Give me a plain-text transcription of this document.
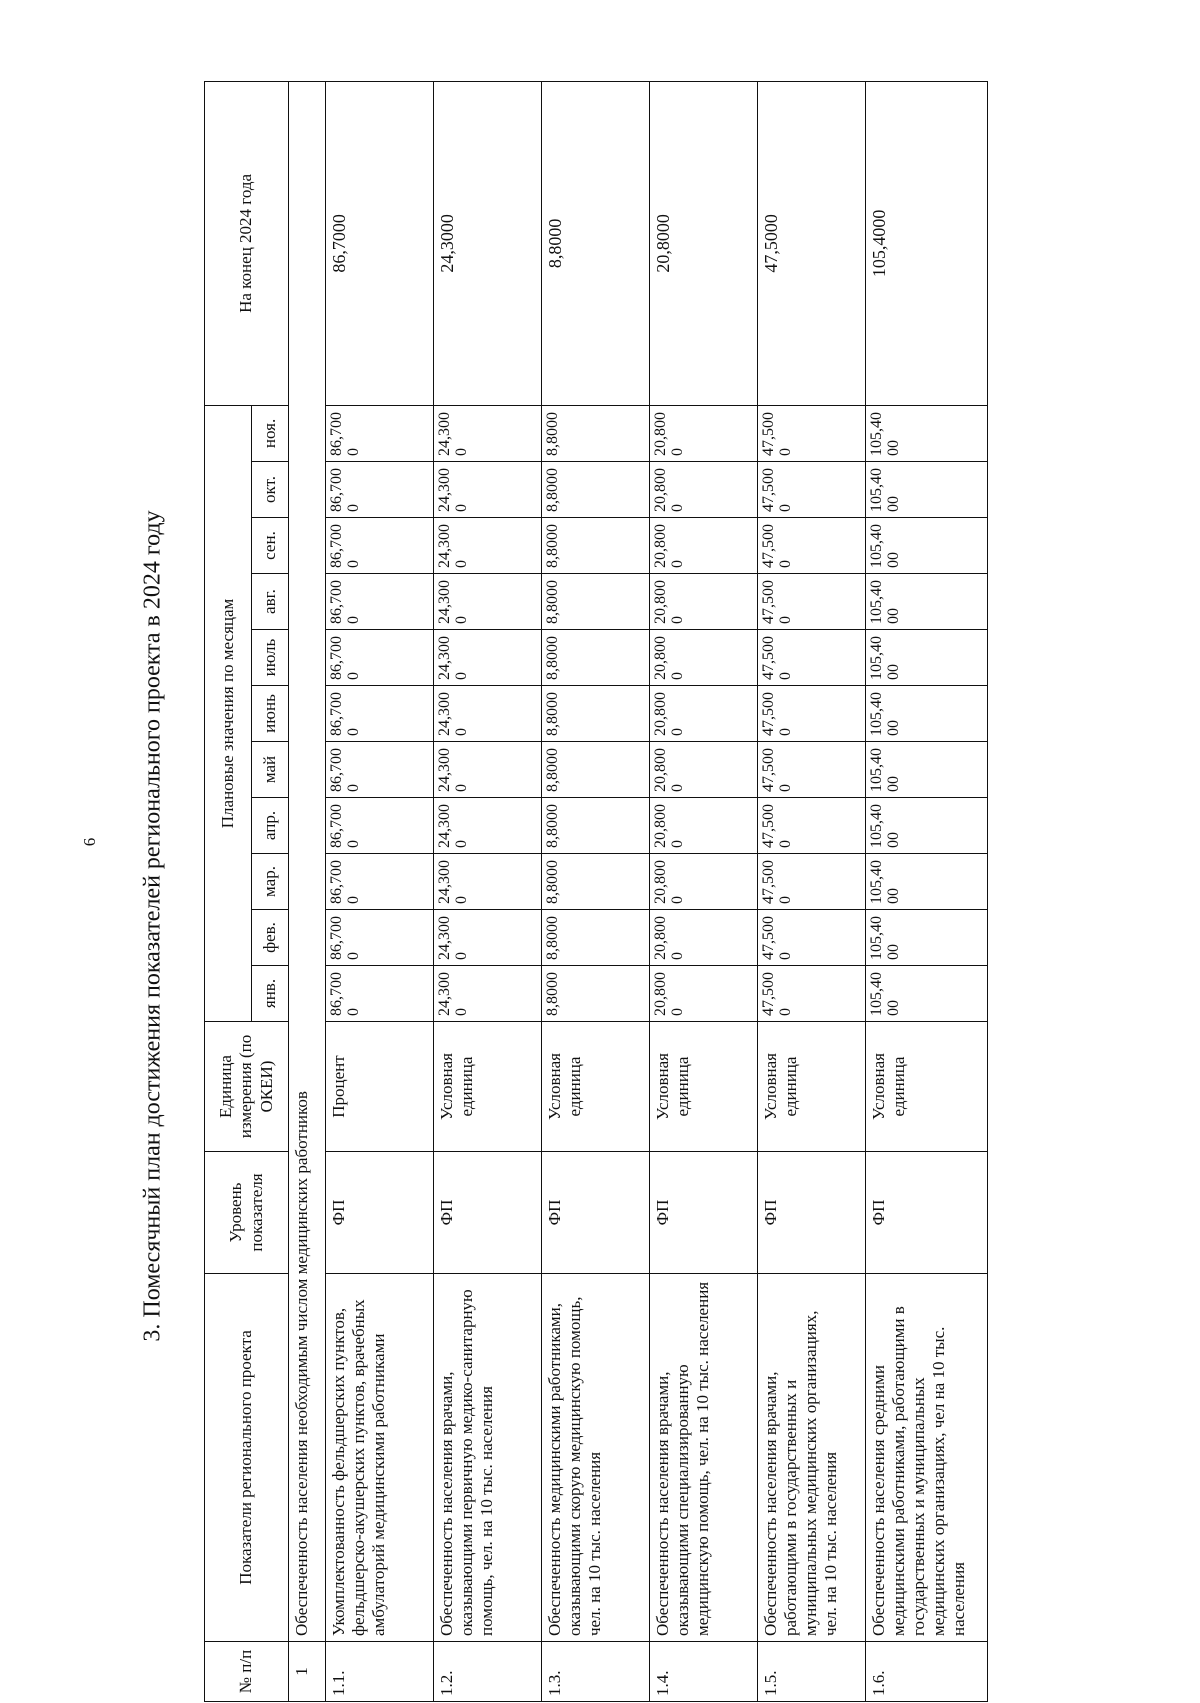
6 3. Помесячный план достижения показателей регионального проекта в 2024 году
№ п/п	Показатели регионального проекта	Уровень показателя	Единица измерения (по ОКЕИ)	Плановые значения по месяцам											На конец 2024 года
				янв.	фев.	мар.	апр.	май	июнь	июль	авг.	сен.	окт.	ноя.	
1	Обеспеченность населения необходимым числом медицинских работников														
1.1.	Укомплектованность фельдшерских пунктов, фельдшерско-акушерских пунктов, врачебных амбулаторий медицинскими работниками	ФП	Процент	86,7000	86,7000	86,7000	86,7000	86,7000	86,7000	86,7000	86,7000	86,7000	86,7000	86,7000	86,7000
1.2.	Обеспеченность населения врачами, оказывающими первичную медико-санитарную помощь, чел. на 10 тыс. населения	ФП	Условная единица	24,3000	24,3000	24,3000	24,3000	24,3000	24,3000	24,3000	24,3000	24,3000	24,3000	24,3000	24,3000
1.3.	Обеспеченность медицинскими работниками, оказывающими скорую медицинскую помощь, чел. на 10 тыс. населения	ФП	Условная единица	8,8000	8,8000	8,8000	8,8000	8,8000	8,8000	8,8000	8,8000	8,8000	8,8000	8,8000	8,8000
1.4.	Обеспеченность населения врачами, оказывающими специализированную медицинскую помощь, чел. на 10 тыс. населения	ФП	Условная единица	20,8000	20,8000	20,8000	20,8000	20,8000	20,8000	20,8000	20,8000	20,8000	20,8000	20,8000	20,8000
1.5.	Обеспеченность населения врачами, работающими в государственных и муниципальных медицинских организациях, чел. на 10 тыс. населения	ФП	Условная единица	47,5000	47,5000	47,5000	47,5000	47,5000	47,5000	47,5000	47,5000	47,5000	47,5000	47,5000	47,5000
1.6.	Обеспеченность населения средними медицинскими работниками, работающими в государственных и муниципальных медицинских организациях, чел на 10 тыс. населения	ФП	Условная единица	105,4000	105,4000	105,4000	105,4000	105,4000	105,4000	105,4000	105,4000	105,4000	105,4000	105,4000	105,4000
